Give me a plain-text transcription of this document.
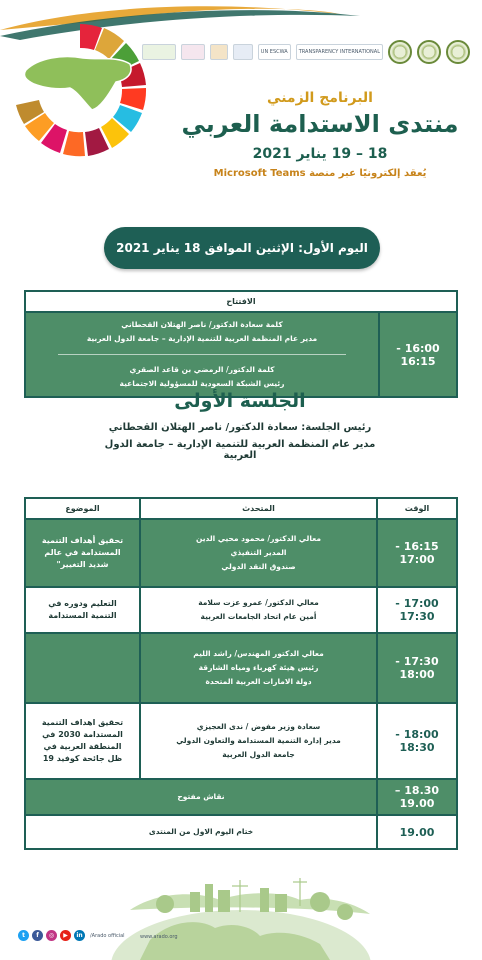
TRANSPARENCY INTERNATIONAL
UN ESCWA
البرنامج الزمني
منتدى الاستدامة العربي
18 – 19 يناير 2021
يُعقد إلكترونيًا عبر منصة Microsoft Teams
اليوم الأول: الإثنين الموافق 18 يناير 2021
الافتتاح
16:00 - 16:15	
كلمة سعادة الدكتور/ ناصر الهتلان القحطاني
مدير عام المنظمة العربية للتنمية الإدارية – جامعة الدول العربية
كلمة الدكتور/ الرمضي بن قاعد الصقري
رئيس الشبكة السعودية للمسؤولية الاجتماعية
الجلسة الأولى
رئيس الجلسة: سعادة الدكتور/ ناصر الهتلان القحطاني
مدير عام المنظمة العربية للتنمية الإدارية – جامعة الدول العربية
الوقت	المتحدث	الموضوع
16:15 - 17:00	معالي الدكتور/ محمود محيي الدين
المدير التنفيذي
صندوق النقد الدولي	تحقيق أهداف التنمية المستدامة في عالم شديد التغيير"
17:00 - 17:30	معالي الدكتور/ عمرو عزت سلامة
أمين عام اتحاد الجامعات العربية	التعليم ودوره في التنمية المستدامة
17:30 - 18:00	معالي الدكتور المهندس/ راشد الليم
رئيس هيئة كهرباء ومياه الشارقة
دولة الامارات العربية المتحدة	

18:00 - 18:30	سعادة وزير مفوض / ندى العجيزي
مدير إدارة التنمية المستدامة والتعاون الدولي
جامعة الدول العربية	تحقيق اهداف التنمية المستدامة 2030 في المنطقة العربية في ظل جائحة كوفيد 19
18.30 – 19.00	نقاش مفتوح	
19.00	ختام اليوم الاول من المنتدى	
t	f	◎	▶	in	/Arado official	www.arado.org
